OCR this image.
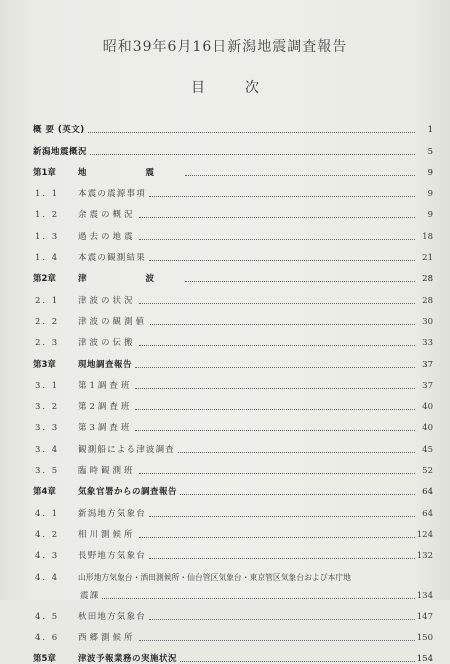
昭和39年6月16日新潟地震調査報告
目次
概 要 (英文)	1
新潟地震概況	5
第1章	地 震	9
1. 1	本震の震源事項	9
1. 2	余震の概況	9
1. 3	過去の地震	18
1. 4	本震の観測結果	21
第2章	津 波	28
2. 1	津波の状況	28
2. 2	津波の観測値	30
2. 3	津波の伝搬	33
第3章	現地調査報告	37
3. 1	第1調査班	37
3. 2	第2調査班	40
3. 3	第3調査班	40
3. 4	観測船による津波調査	45
3. 5	臨時観測班	52
第4章	気象官署からの調査報告	64
4. 1	新潟地方気象台	64
4. 2	相川測候所	124
4. 3	長野地方気象台	132
4. 4	山形地方気象台・酒田測候所・仙台管区気象台・東京管区気象台および本庁地
震課	134
4. 5	秋田地方気象台	147
4. 6	西郷測候所	150
第5章	津波予報業務の実施状況	154
